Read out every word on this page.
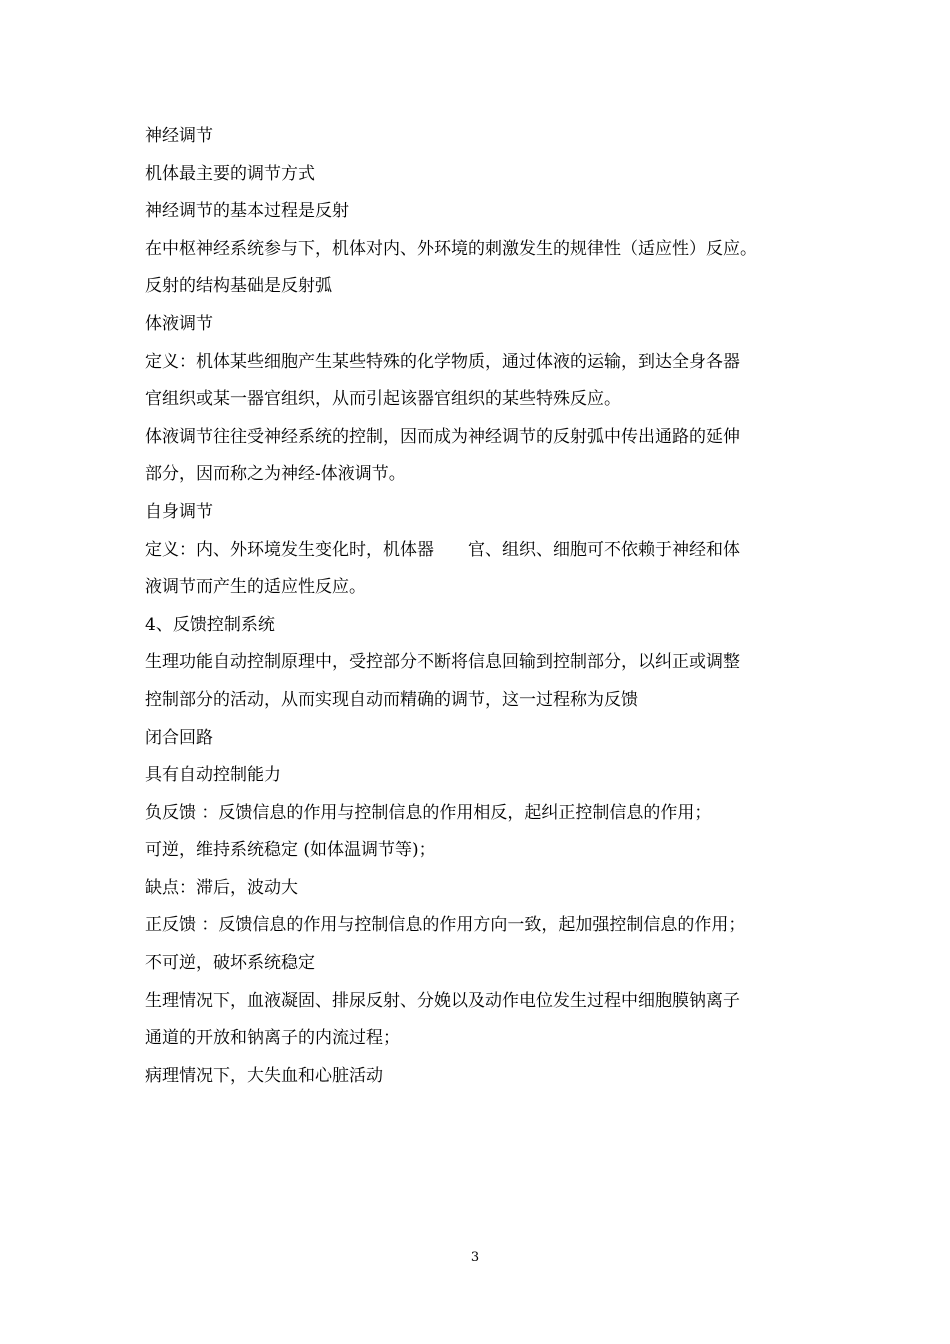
神经调节
机体最主要的调节方式
神经调节的基本过程是反射
在中枢神经系统参与下，机体对内、外环境的刺激发生的规律性（适应性）反应。
反射的结构基础是反射弧
体液调节
定义：机体某些细胞产生某些特殊的化学物质，通过体液的运输，到达全身各器
官组织或某一器官组织，从而引起该器官组织的某些特殊反应。
体液调节往往受神经系统的控制，因而成为神经调节的反射弧中传出通路的延伸
部分，因而称之为神经-体液调节。
自身调节
定义：内、外环境发生变化时，机体器　　官、组织、细胞可不依赖于神经和体
液调节而产生的适应性反应。
4、反馈控制系统
生理功能自动控制原理中，受控部分不断将信息回输到控制部分，以纠正或调整
控制部分的活动，从而实现自动而精确的调节，这一过程称为反馈
闭合回路
具有自动控制能力
负反馈 ：反馈信息的作用与控制信息的作用相反，起纠正控制信息的作用；
可逆，维持系统稳定 (如体温调节等)；
缺点：滞后，波动大
正反馈 ：反馈信息的作用与控制信息的作用方向一致，起加强控制信息的作用；
不可逆，破坏系统稳定
生理情况下，血液凝固、排尿反射、分娩以及动作电位发生过程中细胞膜钠离子
通道的开放和钠离子的内流过程；
病理情况下，大失血和心脏活动
3
